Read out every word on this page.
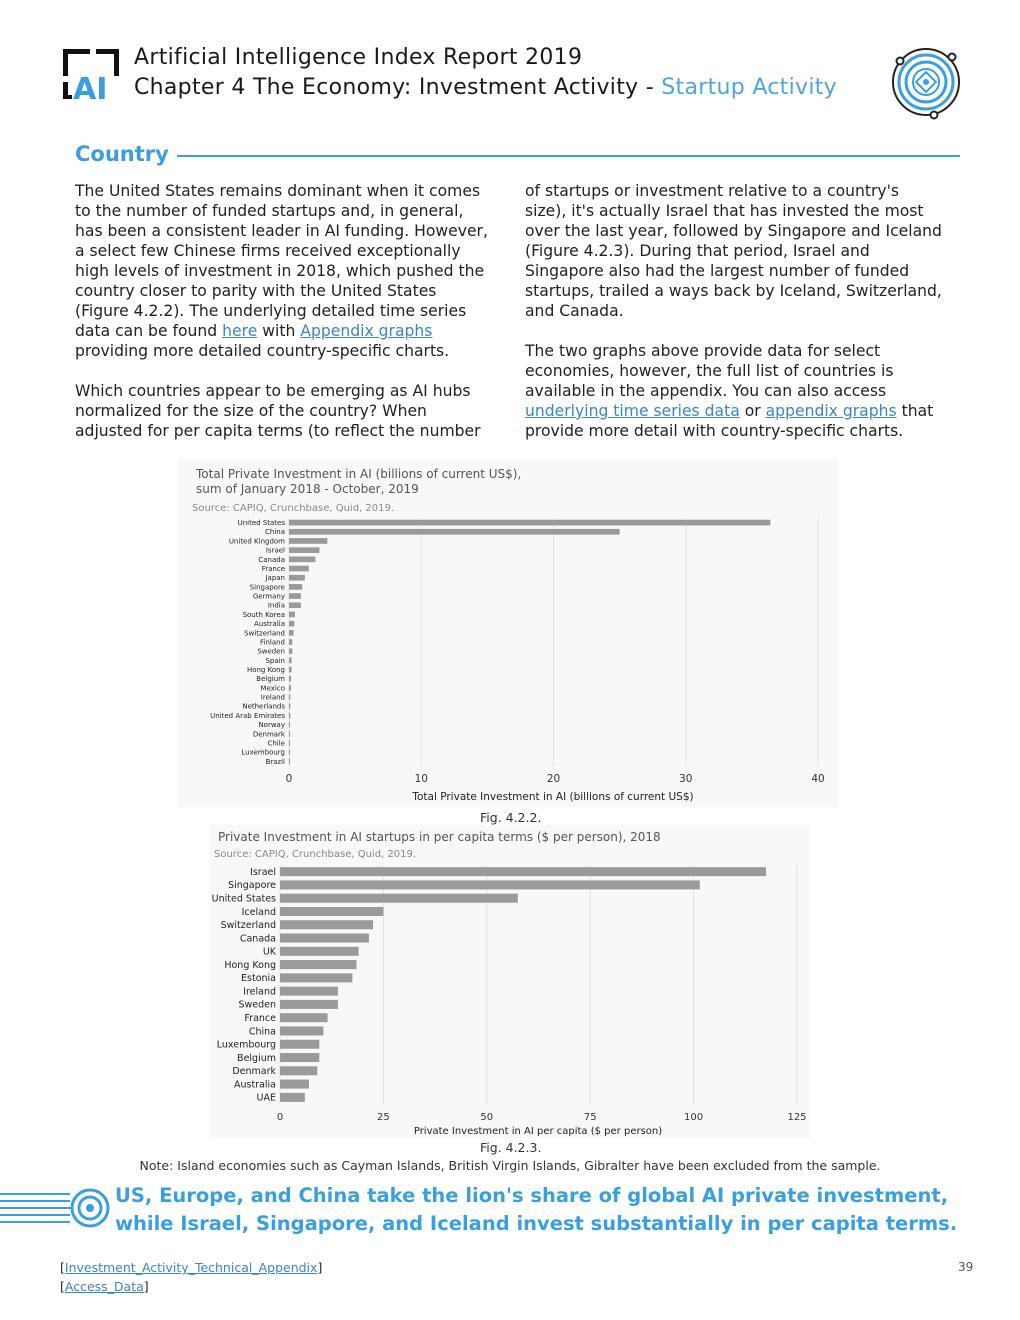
AI
Artificial Intelligence Index Report 2019
Chapter 4 The Economy: Investment Activity - Startup Activity
Country

The United States remains dominant when it comes to the number of funded startups and, in general, has been a consistent leader in AI funding. However, a select few Chinese firms received exceptionally high levels of investment in 2018, which pushed the country closer to parity with the United States (Figure 4.2.2). The underlying detailed time series data can be found here with Appendix graphs providing more detailed country-specific charts.

Which countries appear to be emerging as AI hubs normalized for the size of the country? When adjusted for per capita terms (to reflect the number

of startups or investment relative to a country's size), it's actually Israel that has invested the most over the last year, followed by Singapore and Iceland (Figure 4.2.3). During that period, Israel and Singapore also had the largest number of funded startups, trailed a ways back by Iceland, Switzerland, and Canada.

The two graphs above provide data for select economies, however, the full list of countries is available in the appendix. You can also access underlying time series data or appendix graphs that provide more detail with country-specific charts.

Total Private Investment in AI (billions of current US$),
sum of January 2018 - October, 2019
Source: CAPIQ, Crunchbase, Quid, 2019.
0	10	20	30	40
Total Private Investment in AI (billions of current US$)
United States
China
United Kingdom
Israel
Canada
France
Japan
Singapore
Germany
India
South Korea
Australia
Switzerland
Finland
Sweden
Spain
Hong Kong
Belgium
Mexico
Ireland
Netherlands
United Arab Emirates
Norway
Denmark
Chile
Luxembourg
Brazil
Fig. 4.2.2.
Private Investment in AI startups in per capita terms ($ per person), 2018
Source: CAPIQ, Crunchbase, Quid, 2019.
0	25	50	75	100	125
Private Investment in AI per capita ($ per person)
Israel
Singapore
United States
Iceland
Switzerland
Canada
UK
Hong Kong
Estonia
Ireland
Sweden
France
China
Luxembourg
Belgium
Denmark
Australia
UAE
Fig. 4.2.3.
Note: Island economies such as Cayman Islands, British Virgin Islands, Gibralter have been excluded from the sample.
US, Europe, and China take the lion's share of global AI private investment, while Israel, Singapore, and Iceland invest substantially in per capita terms.
[Investment_Activity_Technical_Appendix]
[Access_Data]
39
